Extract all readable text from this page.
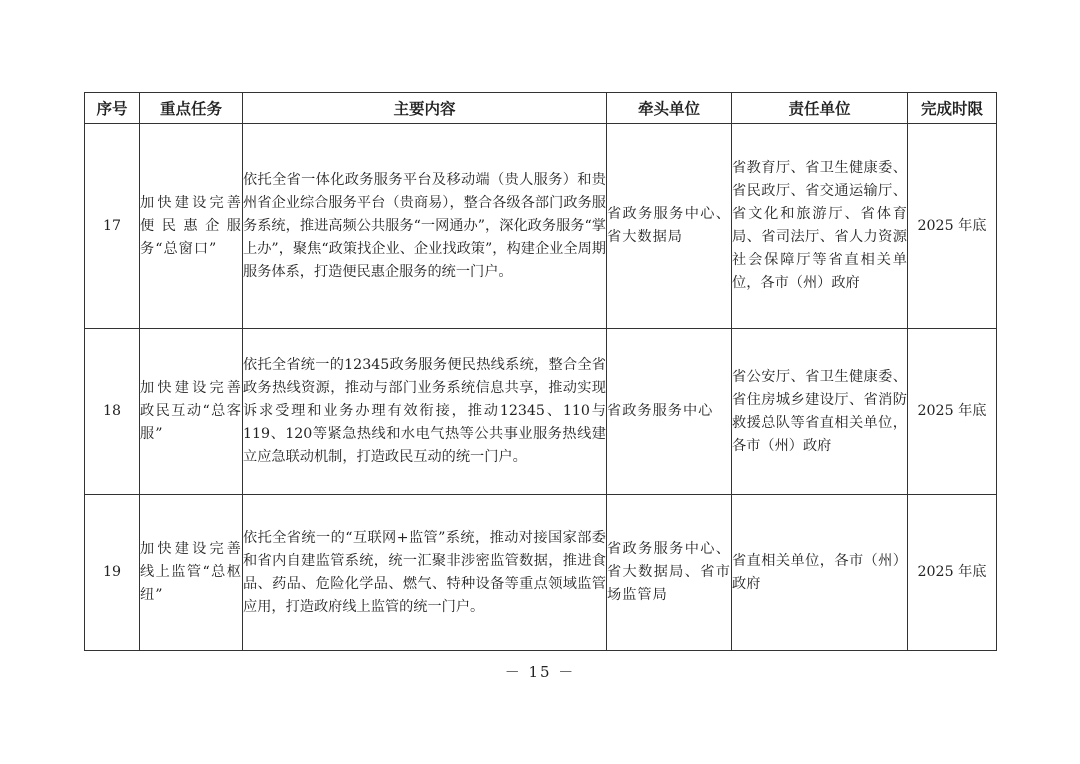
序号	重点任务	主要内容	牵头单位	责任单位	完成时限
17	加快建设完善便民惠企服务“总窗口”	依托全省一体化政务服务平台及移动端（贵人服务）和贵州省企业综合服务平台（贵商易），整合各级各部门政务服务系统，推进高频公共服务“一网通办”，深化政务服务“掌上办”，聚焦“政策找企业、企业找政策”，构建企业全周期服务体系，打造便民惠企服务的统一门户。	省政务服务中心、省大数据局	省教育厅、省卫生健康委、省民政厅、省交通运输厅、省文化和旅游厅、省体育局、省司法厅、省人力资源社会保障厅等省直相关单位，各市（州）政府	2025 年底
18	加快建设完善政民互动“总客服”	依托全省统一的12345政务服务便民热线系统，整合全省政务热线资源，推动与部门业务系统信息共享，推动实现诉求受理和业务办理有效衔接，推动12345、110与119、120等紧急热线和水电气热等公共事业服务热线建立应急联动机制，打造政民互动的统一门户。	省政务服务中心	省公安厅、省卫生健康委、省住房城乡建设厅、省消防救援总队等省直相关单位，各市（州）政府	2025 年底
19	加快建设完善线上监管“总枢纽”	依托全省统一的“互联网+监管”系统，推动对接国家部委和省内自建监管系统，统一汇聚非涉密监管数据，推进食品、药品、危险化学品、燃气、特种设备等重点领域监管应用，打造政府线上监管的统一门户。	省政务服务中心、省大数据局、省市场监管局	省直相关单位，各市（州）政府	2025 年底
－ 15 －
